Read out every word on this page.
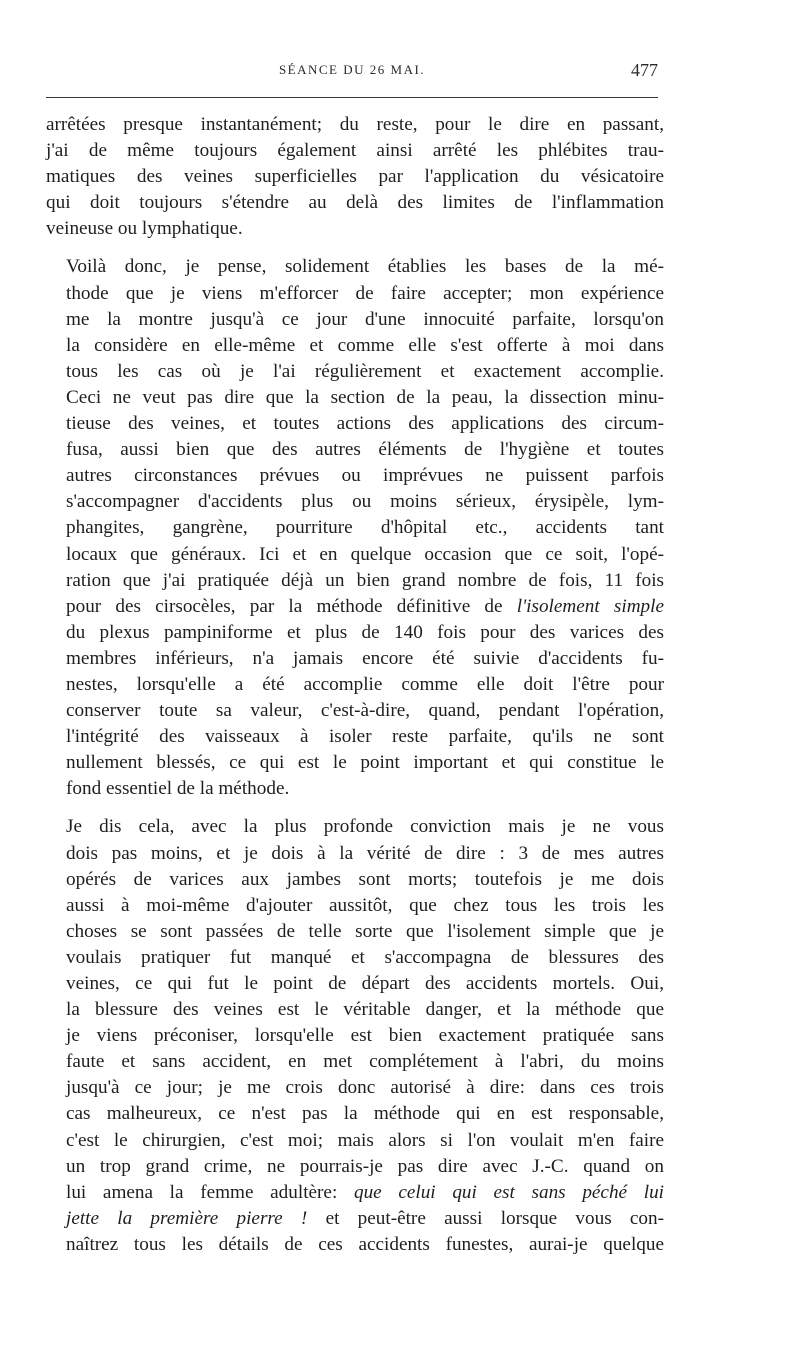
SÉANCE DU 26 MAI.	477

arrêtées presque instantanément; du reste, pour le dire en passant,
j'ai de même toujours également ainsi arrêté les phlébites trau-
matiques des veines superficielles par l'application du vésicatoire
qui doit toujours s'étendre au delà des limites de l'inflammation
veineuse ou lymphatique.

Voilà donc, je pense, solidement établies les bases de la mé-
thode que je viens m'efforcer de faire accepter; mon expérience
me la montre jusqu'à ce jour d'une innocuité parfaite, lorsqu'on
la considère en elle-même et comme elle s'est offerte à moi dans
tous les cas où je l'ai régulièrement et exactement accomplie.
Ceci ne veut pas dire que la section de la peau, la dissection minu-
tieuse des veines, et toutes actions des applications des circum-
fusa, aussi bien que des autres éléments de l'hygiène et toutes
autres circonstances prévues ou imprévues ne puissent parfois
s'accompagner d'accidents plus ou moins sérieux, érysipèle, lym-
phangites, gangrène, pourriture d'hôpital etc., accidents tant
locaux que généraux. Ici et en quelque occasion que ce soit, l'opé-
ration que j'ai pratiquée déjà un bien grand nombre de fois, 11 fois
pour des cirsocèles, par la méthode définitive de l'isolement simple
du plexus pampiniforme et plus de 140 fois pour des varices des
membres inférieurs, n'a jamais encore été suivie d'accidents fu-
nestes, lorsqu'elle a été accomplie comme elle doit l'être pour
conserver toute sa valeur, c'est-à-dire, quand, pendant l'opération,
l'intégrité des vaisseaux à isoler reste parfaite, qu'ils ne sont
nullement blessés, ce qui est le point important et qui constitue le
fond essentiel de la méthode.

Je dis cela, avec la plus profonde conviction mais je ne vous
dois pas moins, et je dois à la vérité de dire : 3 de mes autres
opérés de varices aux jambes sont morts; toutefois je me dois
aussi à moi-même d'ajouter aussitôt, que chez tous les trois les
choses se sont passées de telle sorte que l'isolement simple que je
voulais pratiquer fut manqué et s'accompagna de blessures des
veines, ce qui fut le point de départ des accidents mortels. Oui,
la blessure des veines est le véritable danger, et la méthode que
je viens préconiser, lorsqu'elle est bien exactement pratiquée sans
faute et sans accident, en met complétement à l'abri, du moins
jusqu'à ce jour; je me crois donc autorisé à dire: dans ces trois
cas malheureux, ce n'est pas la méthode qui en est responsable,
c'est le chirurgien, c'est moi; mais alors si l'on voulait m'en faire
un trop grand crime, ne pourrais-je pas dire avec J.-C. quand on
lui amena la femme adultère: que celui qui est sans péché lui
jette la première pierre ! et peut-être aussi lorsque vous con-
naîtrez tous les détails de ces accidents funestes, aurai-je quelque
